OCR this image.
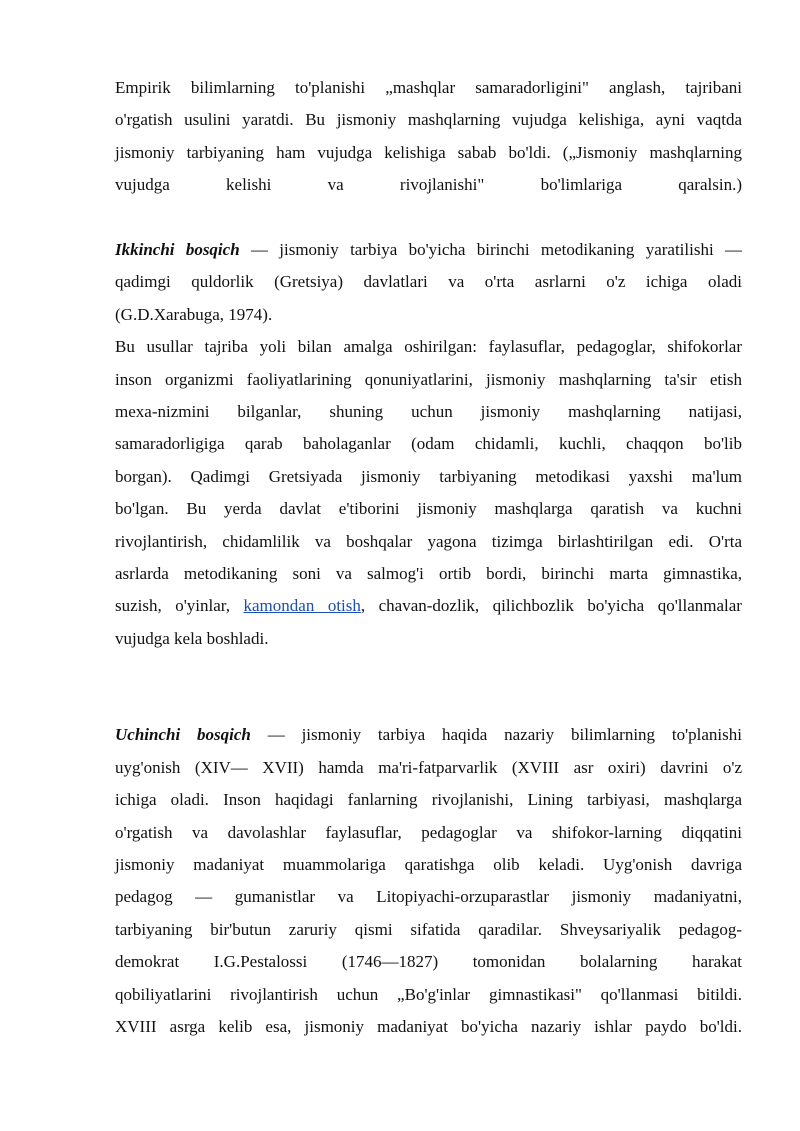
Empirik bilimlarning to'planishi „mashqlar samaradorligini" anglash, tajribani
o'rgatish usulini yaratdi. Bu jismoniy mashqlarning vujudga kelishiga, ayni vaqtda
jismoniy tarbiyaning ham vujudga kelishiga sabab bo'ldi. („Jismoniy mashqlarning
vujudga kelishi va rivojlanishi" bo'limlariga qaralsin.)
Ikkinchi bosqich — jismoniy tarbiya bo'yicha birinchi metodikaning yaratilishi —
qadimgi quldorlik (Gretsiya) davlatlari va o'rta asrlarni o'z ichiga oladi
(G.D.Xarabuga, 1974).
Bu usullar tajriba yoli bilan amalga oshirilgan: faylasuflar, pedagoglar, shifokorlar
inson organizmi faoliyatlarining qonuniyatlarini, jismoniy mashqlarning ta'sir etish
mexa-nizmini bilganlar, shuning uchun jismoniy mashqlarning natijasi,
samaradorligiga qarab baholaganlar (odam chidamli, kuchli, chaqqon bo'lib
borgan). Qadimgi Gretsiyada jismoniy tarbiyaning metodikasi yaxshi ma'lum
bo'lgan. Bu yerda davlat e'tiborini jismoniy mashqlarga qaratish va kuchni
rivojlantirish, chidamlilik va boshqalar yagona tizimga birlashtirilgan edi. O'rta
asrlarda metodikaning soni va salmog'i ortib bordi, birinchi marta gimnastika,
suzish, o'yinlar, kamondan otish, chavan-dozlik, qilichbozlik bo'yicha qo'llanmalar
vujudga kela boshladi.
Uchinchi bosqich — jismoniy tarbiya haqida nazariy bilimlarning to'planishi
uyg'onish (XIV— XVII) hamda ma'ri-fatparvarlik (XVIII asr oxiri) davrini o'z
ichiga oladi. Inson haqidagi fanlarning rivojlanishi, Lining tarbiyasi, mashqlarga
o'rgatish va davolashlar faylasuflar, pedagoglar va shifokor-larning diqqatini
jismoniy madaniyat muammolariga qaratishga olib keladi. Uyg'onish davriga
pedagog — gumanistlar va Litopiyachi-orzuparastlar jismoniy madaniyatni,
tarbiyaning bir'butun zaruriy qismi sifatida qaradilar. Shveysariyalik pedagog-
demokrat I.G.Pestalossi (1746—1827) tomonidan bolalarning harakat
qobiliyatlarini rivojlantirish uchun „Bo'g'inlar gimnastikasi" qo'llanmasi bitildi.
XVIII asrga kelib esa, jismoniy madaniyat bo'yicha nazariy ishlar paydo bo'ldi.
